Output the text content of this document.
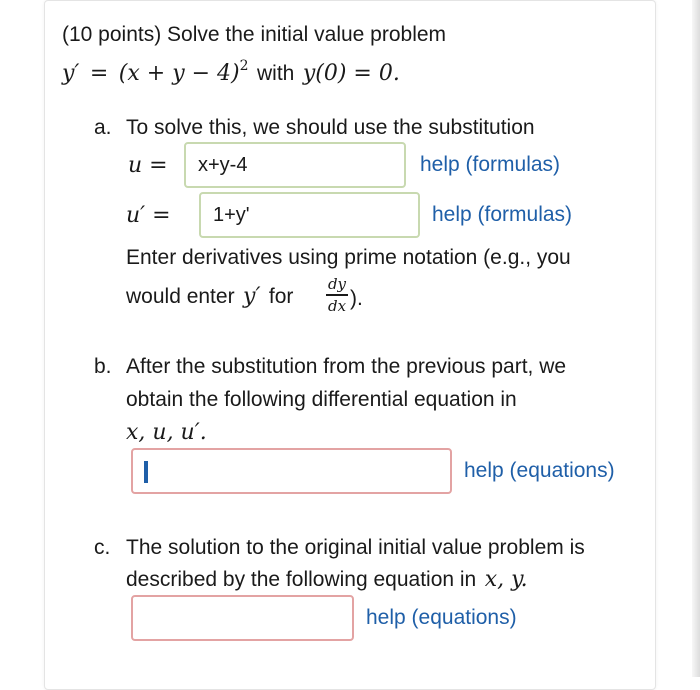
(10 points) Solve the initial value problem
$y' = (x + y - 4)^2$ with y(0) = 0.
a. To solve this, we should use the substitution
u =
x+y-4	help (formulas)
u′ =
1+y'	help (formulas)
Enter derivatives using prime notation (e.g., you
would enter y′ for
dy
dx ).
b. After the substitution from the previous part, we
obtain the following differential equation in
x, u, u′.
help (equations)
c. The solution to the original initial value problem is
described by the following equation in x, y.
help (equations)
